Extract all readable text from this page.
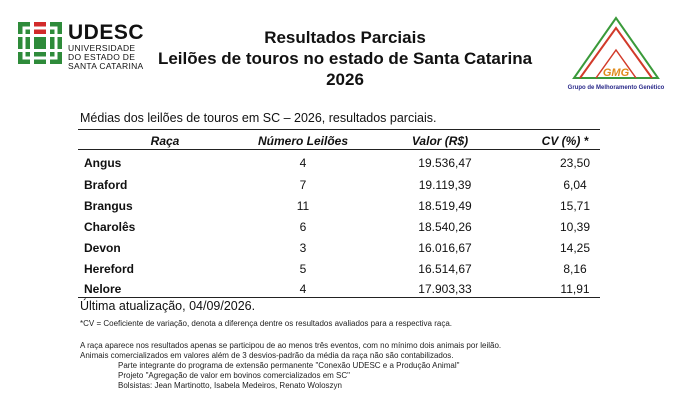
UDESC
UNIVERSIDADE
DO ESTADO DE
SANTA CATARINA
Resultados Parciais
Leilões de touros no estado de Santa Catarina
2026	GMG
Grupo de Melhoramento Genético
Médias dos leilões de touros em SC – 2026, resultados parciais.
Raça	Número Leilões	Valor (R$)	CV (%) *
Angus	4	19.536,47	23,50
Braford	7	19.119,39	6,04
Brangus	11	18.519,49	15,71
Charolês	6	18.540,26	10,39
Devon	3	16.016,67	14,25
Hereford	5	16.514,67	8,16
Nelore	4	17.903,33	11,91
Última atualização, 04/09/2026.
*CV = Coeficiente de variação, denota a diferença dentre os resultados avaliados para a respectiva raça.
A raça aparece nos resultados apenas se participou de ao menos três eventos, com no mínimo dois animais por leilão.
Animais comercializados em valores além de 3 desvios-padrão da média da raça não são contabilizados.
Parte integrante do programa de extensão permanente "Conexão UDESC e a Produção Animal"
Projeto "Agregação de valor em bovinos comercializados em SC"
Bolsistas: Jean Martinotto, Isabela Medeiros, Renato Woloszyn
